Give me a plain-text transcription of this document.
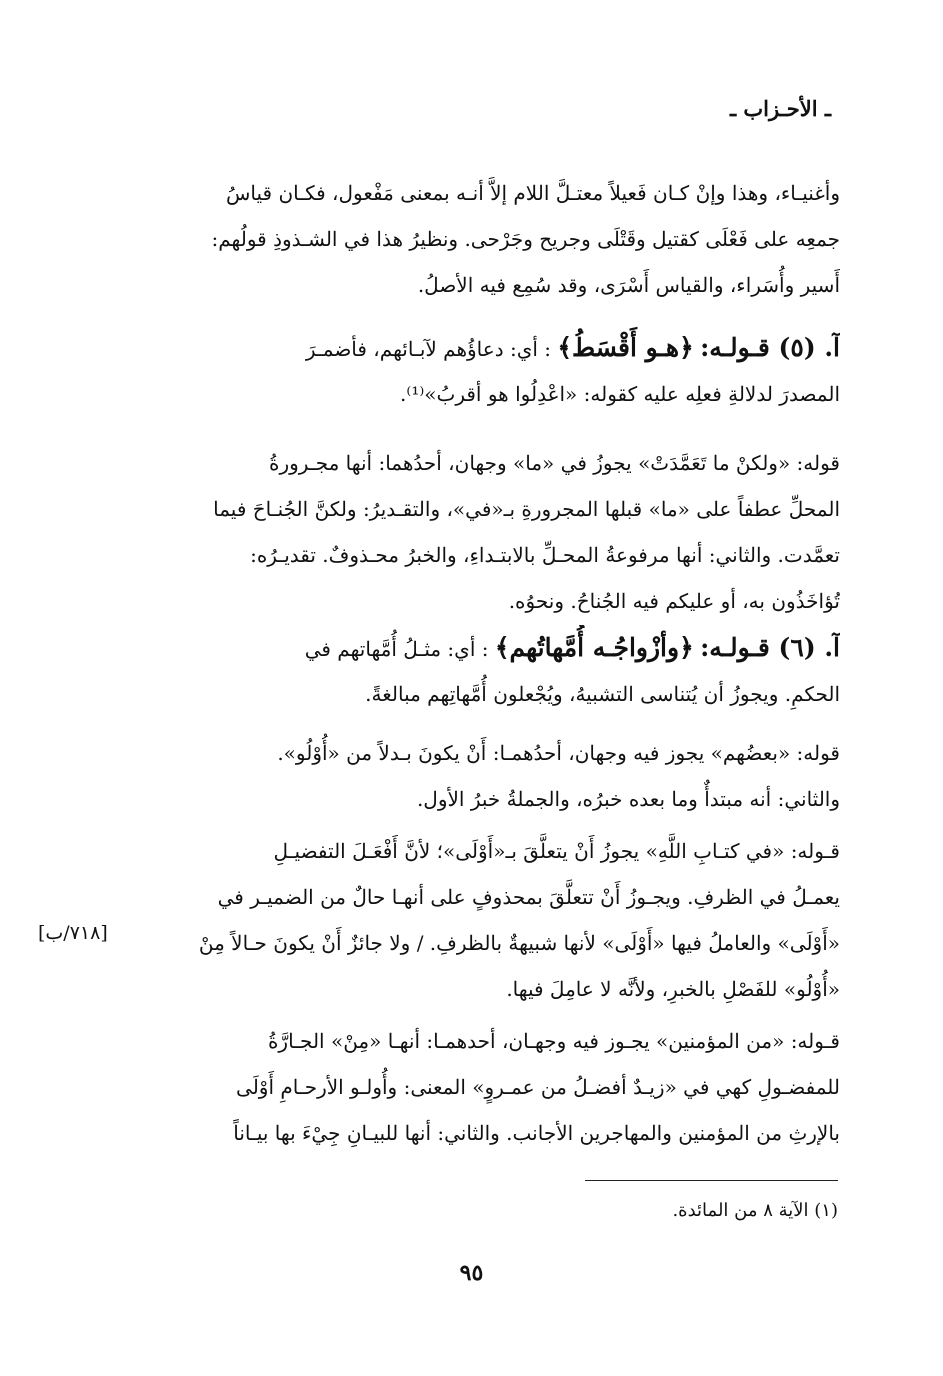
ـ الأحـزاب ـ
وأغنيـاء، وهذا وإنْ كـان فَعيلاً معتـلَّ اللام إلاَّ أنـه بمعنى مَفْعول، فكـان قياسُ
جمعِه على فَعْلَى كقتيل وقَتْلَى وجريح وجَرْحى. ونظيرُ هذا في الشـذوذِ قولُهم:
أَسير وأُسَراء، والقياس أَسْرَى، وقد سُمِع فيه الأصلُ.
آ. (٥) قـولـه: ﴿هـو أَقْسَطُ﴾ : أي: دعاؤُهم لآبـائهم، فأضمـرَ
المصدرَ لدلالةِ فعلِه عليه كقوله: «اعْدِلُوا هو أقربُ»⁽¹⁾.
قوله: «ولكنْ ما تَعَمَّدَتْ» يجوزُ في «ما» وجهان، أحدُهما: أنها مجـرورةُ
المحلِّ عطفاً على «ما» قبلها المجرورةِ بـ«في»، والتقـديرُ: ولكنَّ الجُنـاحَ فيما
تعمَّدت. والثاني: أنها مرفوعةُ المحـلِّ بالابتـداءِ، والخبرُ محـذوفٌ. تقديـرُه:
تُؤاخَذُون به، أو عليكم فيه الجُناحُ. ونحوُه.
آ. (٦) قـولـه: ﴿وأزْواجُـه أُمَّهاتُهم﴾ : أي: مثـلُ أُمَّهاتهم في
الحكمِ. ويجوزُ أن يُتناسى التشبيهُ، ويُجْعلون أُمَّهاتِهم مبالغةً.
قوله: «بعضُهم» يجوز فيه وجهان، أحدُهمـا: أَنْ يكونَ بـدلاً من «أُوْلُو».
والثاني: أنه مبتدأٌ وما بعده خبرُه، والجملةُ خبرُ الأول.
قـوله: «في كتـابِ اللَّهِ» يجوزُ أَنْ يتعلَّقَ بـ«أَوْلَى»؛ لأنَّ أَفْعَـلَ التفضيـلِ
يعمـلُ في الظرفِ. ويجـوزُ أَنْ تتعلَّقَ بمحذوفٍ على أنهـا حالٌ من الضميـر في
«أَوْلَى» والعاملُ فيها «أَوْلَى» لأنها شبيهةٌ بالظرفِ. / ولا جائزٌ أَنْ يكونَ حـالاً مِنْ
«أُوْلُو» للفَصْلِ بالخبرِ، ولأنَّه لا عامِلَ فيها.
[٧١٨/ب]
قـوله: «من المؤمنين» يجـوز فيه وجهـان، أحدهمـا: أنهـا «مِنْ» الجـارَّةُ
للمفضـولِ كهي في «زيـدٌ أفضـلُ من عمـروٍ» المعنى: وأُولـو الأرحـامِ أَوْلَى
بالإرثِ من المؤمنين والمهاجرين الأجانب. والثاني: أنها للبيـانِ جِيْءَ بها بيـاناً
(١) الآية ٨ من المائدة.
٩٥
